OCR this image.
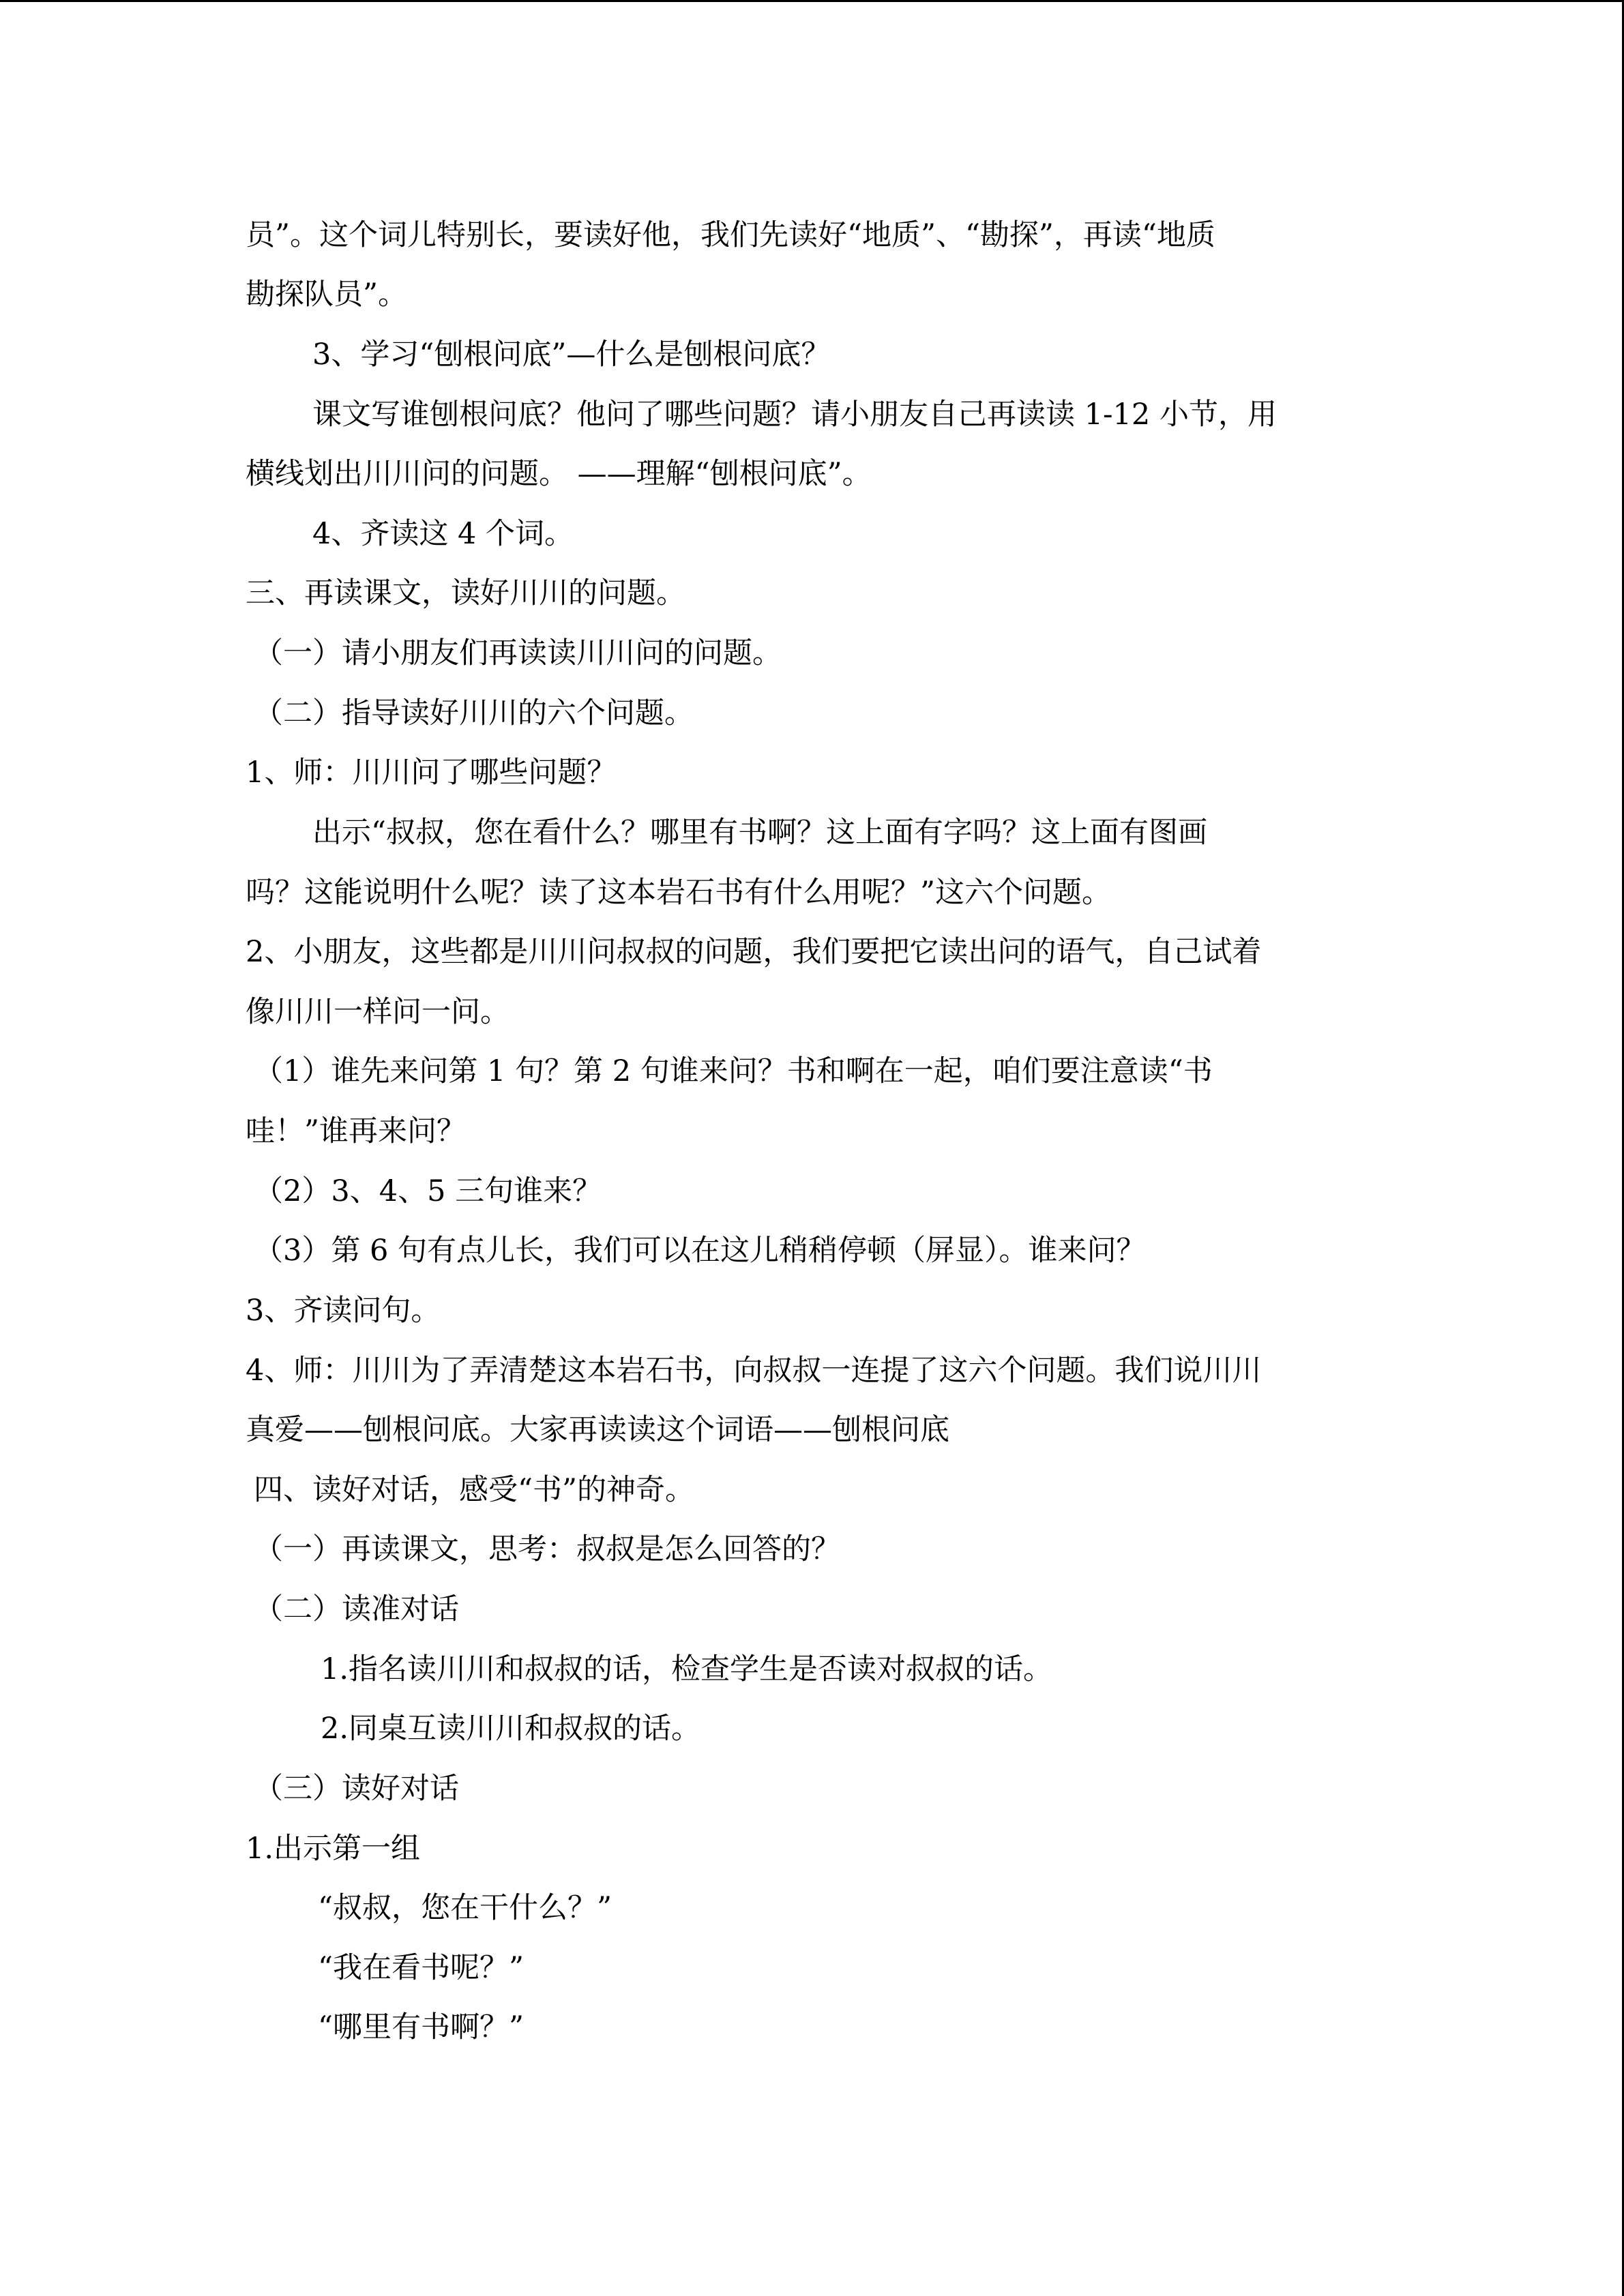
员”。这个词儿特别长，要读好他，我们先读好“地质”、“勘探”，再读“地质

勘探队员”。

3、学习“刨根问底”—什么是刨根问底？

课文写谁刨根问底？他问了哪些问题？请小朋友自己再读读 1-12 小节，用

横线划出川川问的问题。 ——理解“刨根问底”。

4、齐读这 4 个词。

三、再读课文，读好川川的问题。

（一）请小朋友们再读读川川问的问题。

（二）指导读好川川的六个问题。

1、师：川川问了哪些问题？

出示“叔叔，您在看什么？哪里有书啊？这上面有字吗？这上面有图画

吗？这能说明什么呢？读了这本岩石书有什么用呢？”这六个问题。

2、小朋友，这些都是川川问叔叔的问题，我们要把它读出问的语气，自己试着

像川川一样问一问。

（1）谁先来问第 1 句？第 2 句谁来问？书和啊在一起，咱们要注意读“书

哇！”谁再来问？

（2）3、4、5 三句谁来？

（3）第 6 句有点儿长，我们可以在这儿稍稍停顿（屏显）。谁来问？

3、齐读问句。

4、师：川川为了弄清楚这本岩石书，向叔叔一连提了这六个问题。我们说川川

真爱——刨根问底。大家再读读这个词语——刨根问底

四、读好对话，感受“书”的神奇。

（一）再读课文，思考：叔叔是怎么回答的？

（二）读准对话

1.指名读川川和叔叔的话，检查学生是否读对叔叔的话。

2.同桌互读川川和叔叔的话。

（三）读好对话

1.出示第一组

“叔叔，您在干什么？”

“我在看书呢？”

“哪里有书啊？”
